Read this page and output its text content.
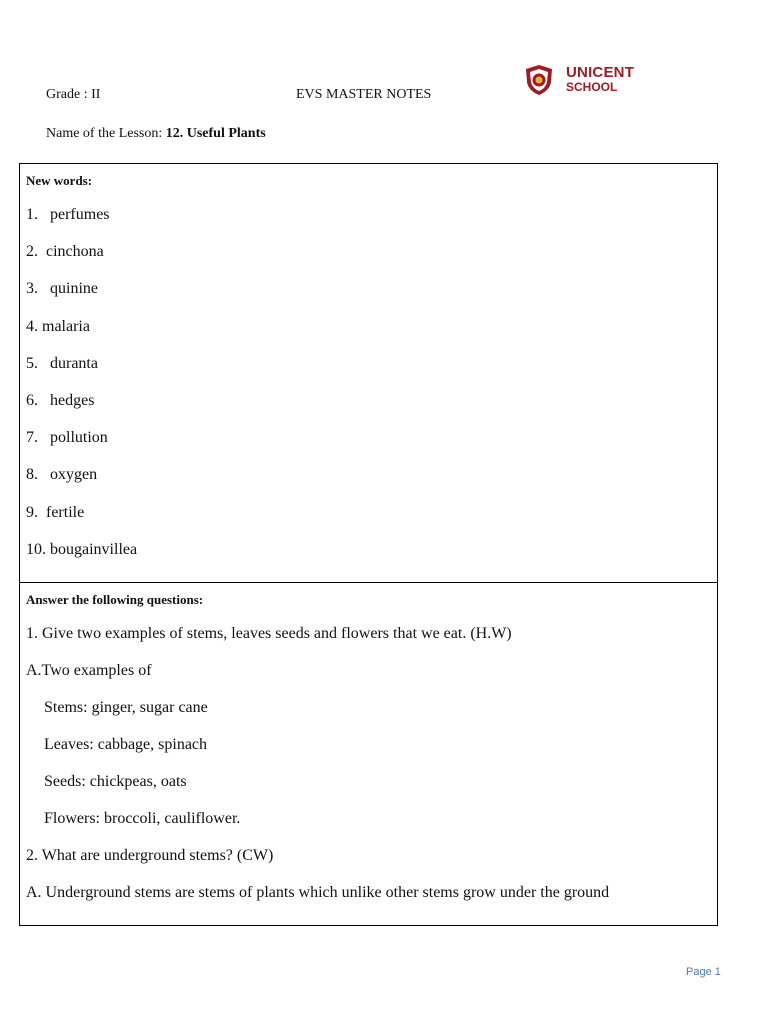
Grade : II	EVS MASTER NOTES
Name of the Lesson: 12. Useful Plants
UNICENT
SCHOOL
New words:
1.   perfumes
2.  cinchona
3.   quinine
4. malaria
5.   duranta
6.   hedges
7.   pollution
8.   oxygen
9.  fertile
10. bougainvillea
Answer the following questions:
1. Give two examples of stems, leaves seeds and flowers that we eat. (H.W)
A.Two examples of
Stems: ginger, sugar cane
Leaves: cabbage, spinach
Seeds: chickpeas, oats
Flowers: broccoli, cauliflower.
2. What are underground stems? (CW)
A. Underground stems are stems of plants which unlike other stems grow under the ground
Page 1
